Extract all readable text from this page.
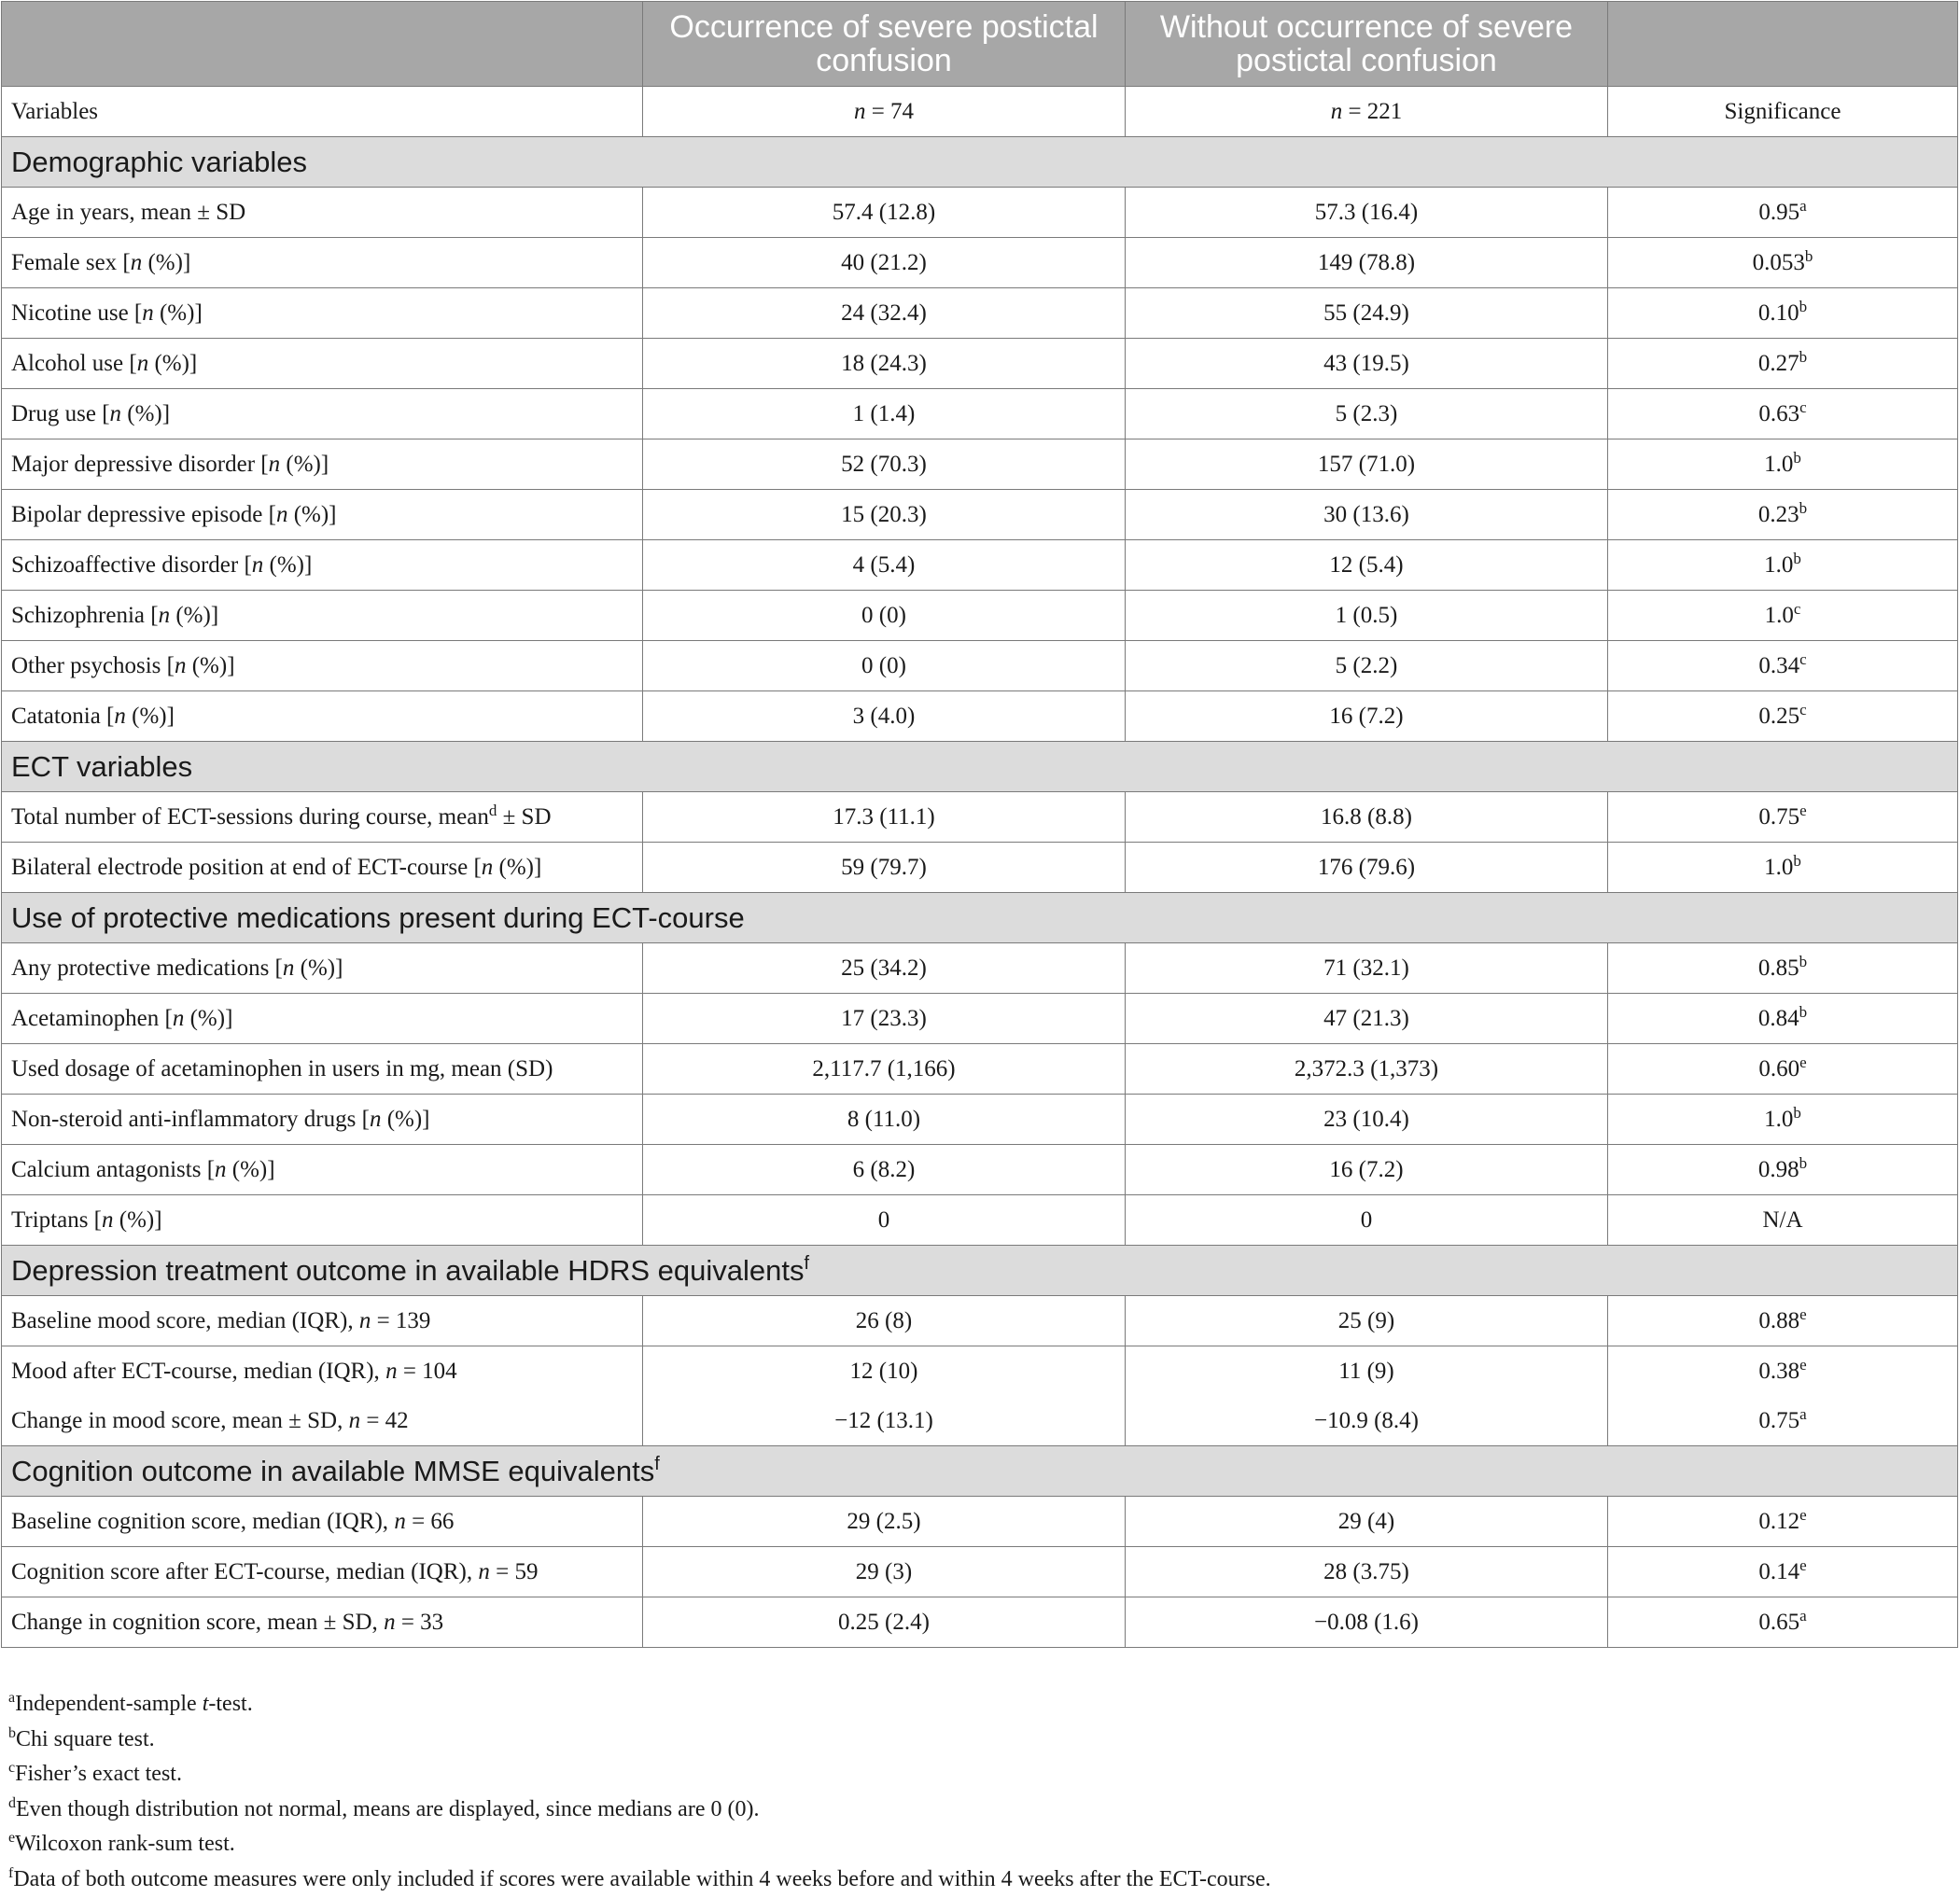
	Occurrence of severe postictal confusion	Without occurrence of severe postictal confusion	
Variables	n = 74	n = 221	Significance
Demographic variables			
Age in years, mean ± SD	57.4 (12.8)	57.3 (16.4)	0.95$^a$
Female sex [n (%)]	40 (21.2)	149 (78.8)	0.053$^b$
Nicotine use [n (%)]	24 (32.4)	55 (24.9)	0.10$^b$
Alcohol use [n (%)]	18 (24.3)	43 (19.5)	0.27$^b$
Drug use [n (%)]	1 (1.4)	5 (2.3)	0.63$^c$
Major depressive disorder [n (%)]	52 (70.3)	157 (71.0)	1.0$^b$
Bipolar depressive episode [n (%)]	15 (20.3)	30 (13.6)	0.23$^b$
Schizoaffective disorder [n (%)]	4 (5.4)	12 (5.4)	1.0$^b$
Schizophrenia [n (%)]	0 (0)	1 (0.5)	1.0$^c$
Other psychosis [n (%)]	0 (0)	5 (2.2)	0.34$^c$
Catatonia [n (%)]	3 (4.0)	16 (7.2)	0.25$^c$
ECT variables			
Total number of ECT-sessions during course, mean$^d$ ± SD	17.3 (11.1)	16.8 (8.8)	0.75e
Bilateral electrode position at end of ECT-course [n (%)]	59 (79.7)	176 (79.6)	1.0$^b$
Use of protective medications present during ECT-course			
Any protective medications [n (%)]	25 (34.2)	71 (32.1)	0.85$^b$
Acetaminophen [n (%)]	17 (23.3)	47 (21.3)	0.84$^b$
Used dosage of acetaminophen in users in mg, mean (SD)	2,117.7 (1,166)	2,372.3 (1,373)	0.60e
Non-steroid anti-inflammatory drugs [n (%)]	8 (11.0)	23 (10.4)	1.0$^b$
Calcium antagonists [n (%)]	6 (8.2)	16 (7.2)	0.98$^b$
Triptans [n (%)]	0	0	N/A
Depression treatment outcome in available HDRS equivalents$^f$
Baseline mood score, median (IQR), n = 139	26 (8)	25 (9)	0.88e
Mood after ECT-course, median (IQR), n = 104	12 (10)	11 (9)	0.38e
Change in mood score, mean ± SD, n = 42	−12 (13.1)	−10.9 (8.4)	0.75$^a$
Cognition outcome in available MMSE equivalents$^f$
Baseline cognition score, median (IQR), n = 66	29 (2.5)	29 (4)	0.12e
Cognition score after ECT-course, median (IQR), n = 59	29 (3)	28 (3.75)	0.14e
Change in cognition score, mean ± SD, n = 33	0.25 (2.4)	−0.08 (1.6)	0.65$^a$
$^a$Independent-sample t-test.
$^b$Chi square test.
$^c$Fisher’s exact test.
$^d$Even though distribution not normal, means are displayed, since medians are 0 (0).
$^e$Wilcoxon rank-sum test.
$^f$Data of both outcome measures were only included if scores were available within 4 weeks before and within 4 weeks after the ECT-course.
